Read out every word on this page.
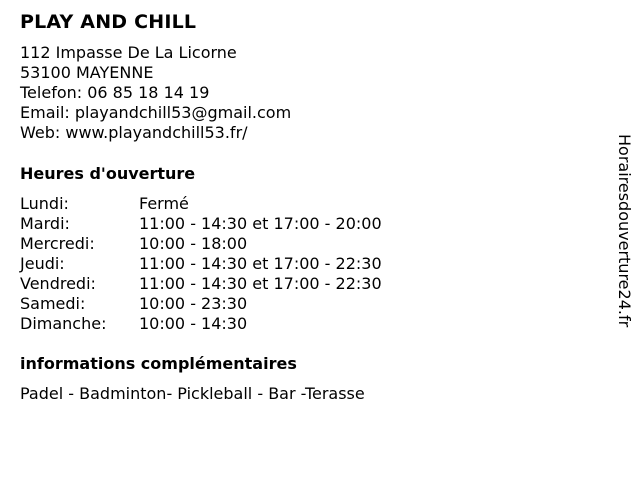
PLAY AND CHILL
112 Impasse De La Licorne
53100 MAYENNE
Telefon: 06 85 18 14 19
Email: playandchill53@gmail.com
Web: www.playandchill53.fr/
Heures d'ouverture
Lundi:	Fermé
Mardi:	11:00 - 14:30 et 17:00 - 20:00
Mercredi:	10:00 - 18:00
Jeudi:	11:00 - 14:30 et 17:00 - 22:30
Vendredi:	11:00 - 14:30 et 17:00 - 22:30
Samedi:	10:00 - 23:30
Dimanche:	10:00 - 14:30
informations complémentaires
Padel - Badminton- Pickleball - Bar -Terasse
Horairesdouverture24.fr
